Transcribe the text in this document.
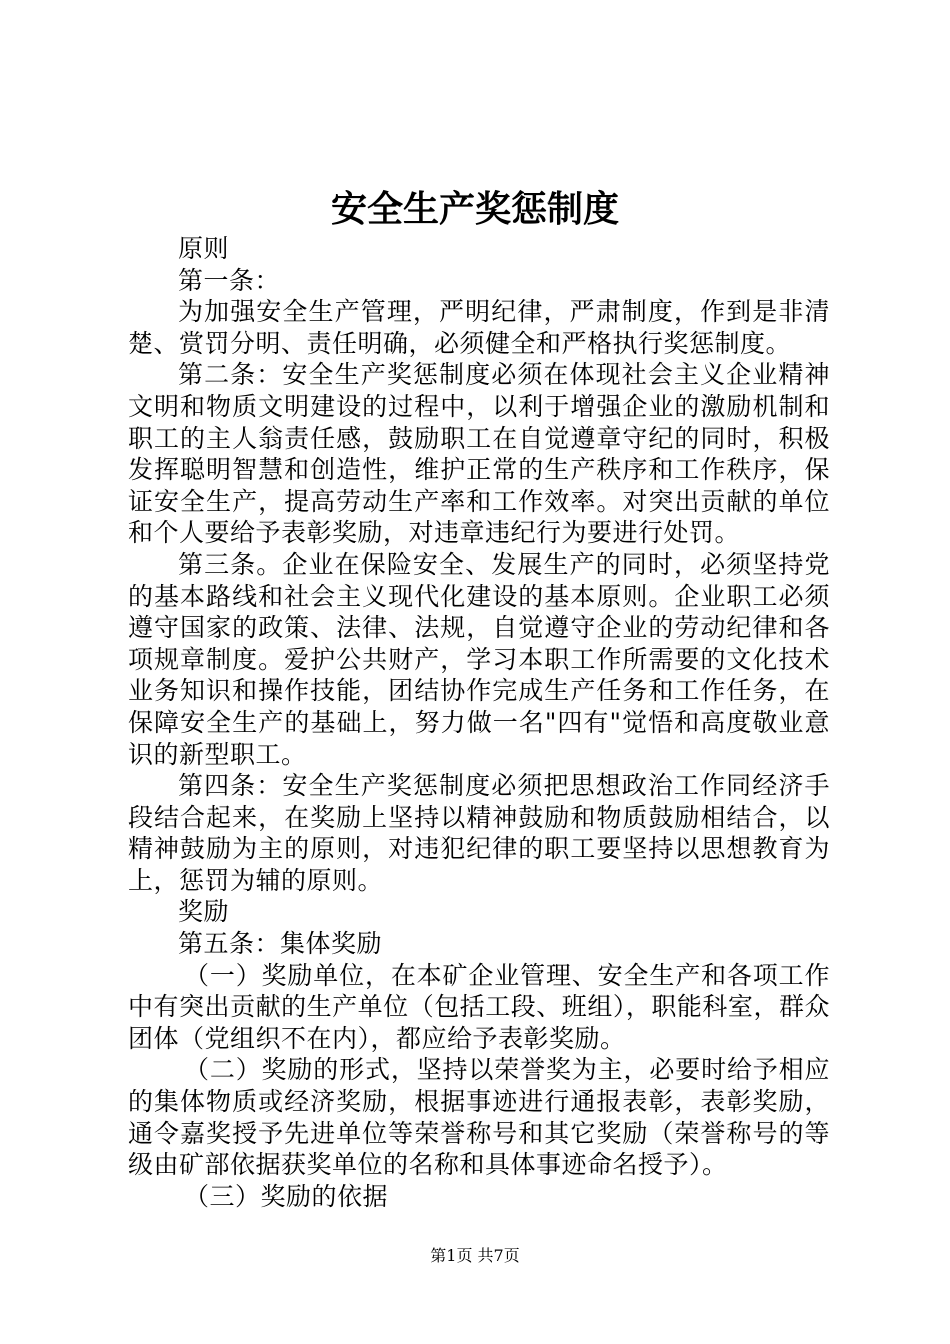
安全生产奖惩制度

原则

第一条：

为加强安全生产管理，严明纪律，严肃制度，作到是非清楚、赏罚分明、责任明确，必须健全和严格执行奖惩制度。

第二条：安全生产奖惩制度必须在体现社会主义企业精神文明和物质文明建设的过程中，以利于增强企业的激励机制和职工的主人翁责任感，鼓励职工在自觉遵章守纪的同时，积极发挥聪明智慧和创造性，维护正常的生产秩序和工作秩序，保证安全生产，提高劳动生产率和工作效率。对突出贡献的单位和个人要给予表彰奖励，对违章违纪行为要进行处罚。

第三条。企业在保险安全、发展生产的同时，必须坚持党的基本路线和社会主义现代化建设的基本原则。企业职工必须遵守国家的政策、法律、法规，自觉遵守企业的劳动纪律和各项规章制度。爱护公共财产，学习本职工作所需要的文化技术业务知识和操作技能，团结协作完成生产任务和工作任务，在保障安全生产的基础上，努力做一名"四有"觉悟和高度敬业意识的新型职工。

第四条：安全生产奖惩制度必须把思想政治工作同经济手段结合起来，在奖励上坚持以精神鼓励和物质鼓励相结合，以精神鼓励为主的原则，对违犯纪律的职工要坚持以思想教育为上，惩罚为辅的原则。

奖励

第五条：集体奖励

（一）奖励单位，在本矿企业管理、安全生产和各项工作中有突出贡献的生产单位（包括工段、班组），职能科室，群众团体（党组织不在内），都应给予表彰奖励。

（二）奖励的形式，坚持以荣誉奖为主，必要时给予相应的集体物质或经济奖励，根据事迹进行通报表彰，表彰奖励，通令嘉奖授予先进单位等荣誉称号和其它奖励（荣誉称号的等级由矿部依据获奖单位的名称和具体事迹命名授予）。

（三）奖励的依据

第1页 共7页
